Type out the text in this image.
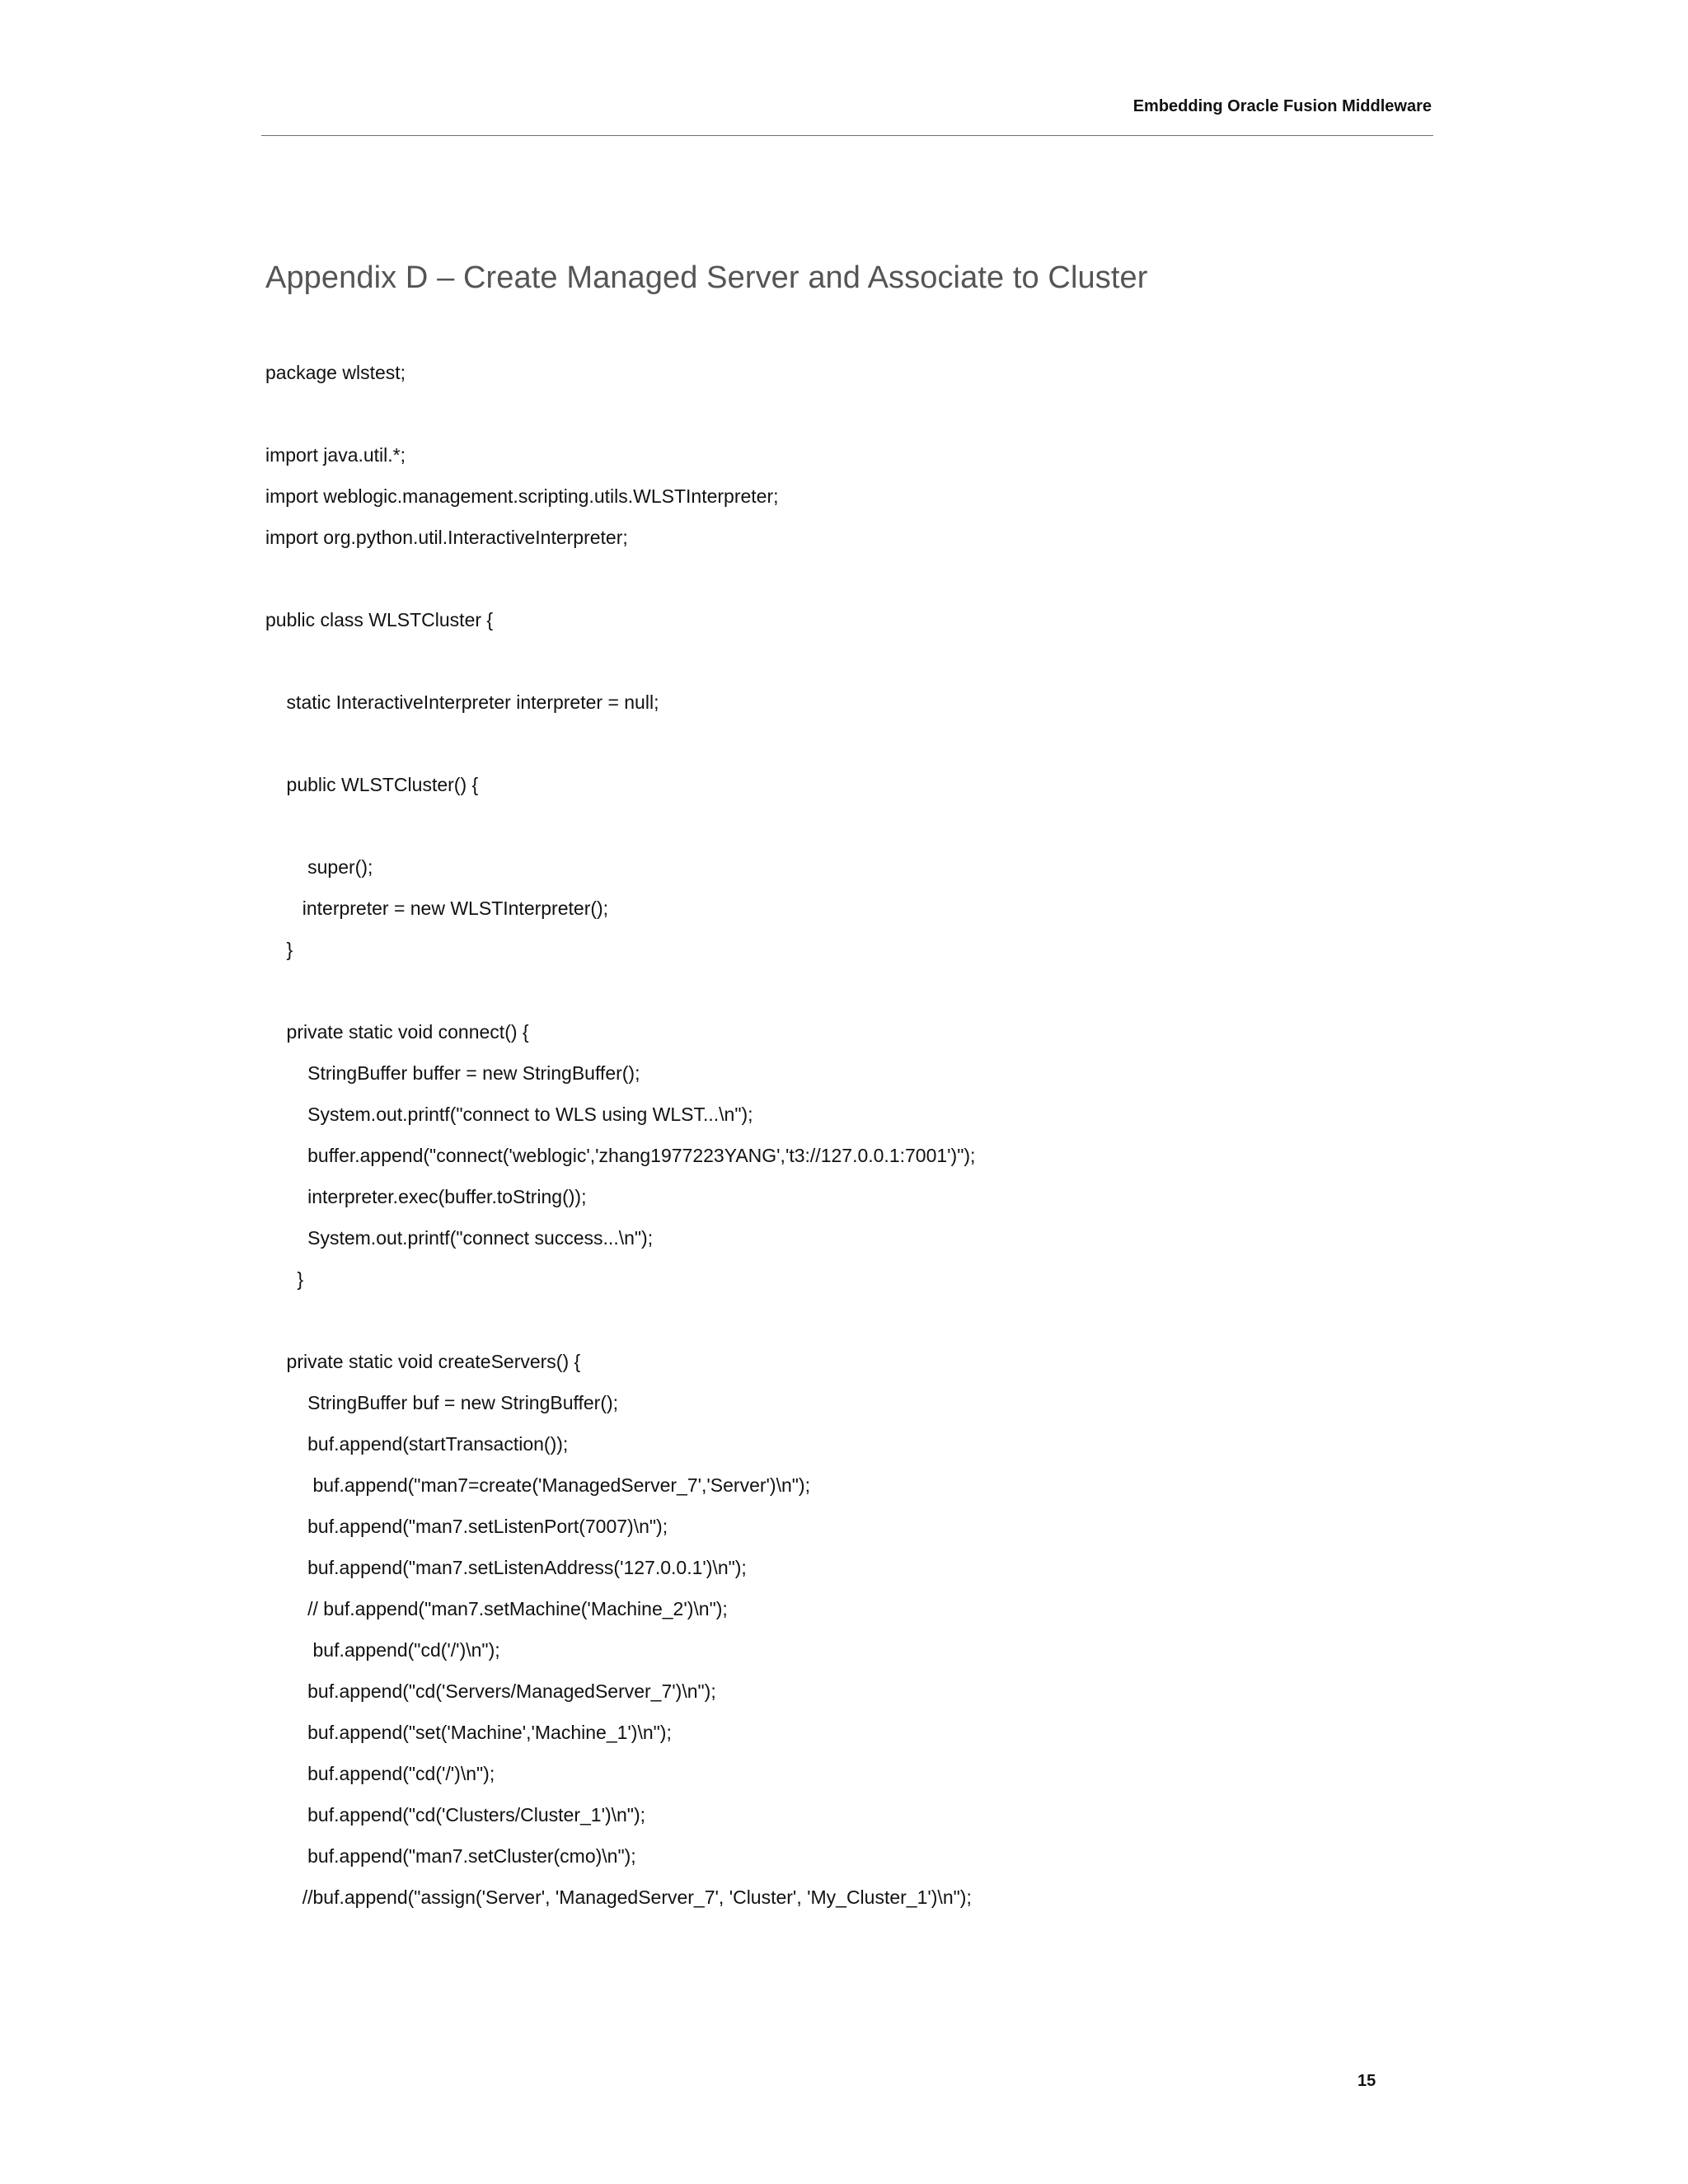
Embedding Oracle Fusion Middleware
Appendix D – Create Managed Server and Associate to Cluster
package wlstest;
import java.util.*;
import weblogic.management.scripting.utils.WLSTInterpreter;
import org.python.util.InteractiveInterpreter;
public class WLSTCluster {
static InteractiveInterpreter interpreter = null;
public WLSTCluster() {
super();
interpreter = new WLSTInterpreter();
}
private static void connect() {
StringBuffer buffer = new StringBuffer();
System.out.printf("connect to WLS using WLST...\n");
buffer.append("connect('weblogic','zhang1977223YANG','t3://127.0.0.1:7001')");
interpreter.exec(buffer.toString());
System.out.printf("connect success...\n");
}
private static void createServers() {
StringBuffer buf = new StringBuffer();
buf.append(startTransaction());
buf.append("man7=create('ManagedServer_7','Server')\n");
buf.append("man7.setListenPort(7007)\n");
buf.append("man7.setListenAddress('127.0.0.1')\n");
// buf.append("man7.setMachine('Machine_2')\n");
buf.append("cd('/')\n");
buf.append("cd('Servers/ManagedServer_7')\n");
buf.append("set('Machine','Machine_1')\n");
buf.append("cd('/')\n");
buf.append("cd('Clusters/Cluster_1')\n");
buf.append("man7.setCluster(cmo)\n");
//buf.append("assign('Server', 'ManagedServer_7', 'Cluster', 'My_Cluster_1')\n");
15
